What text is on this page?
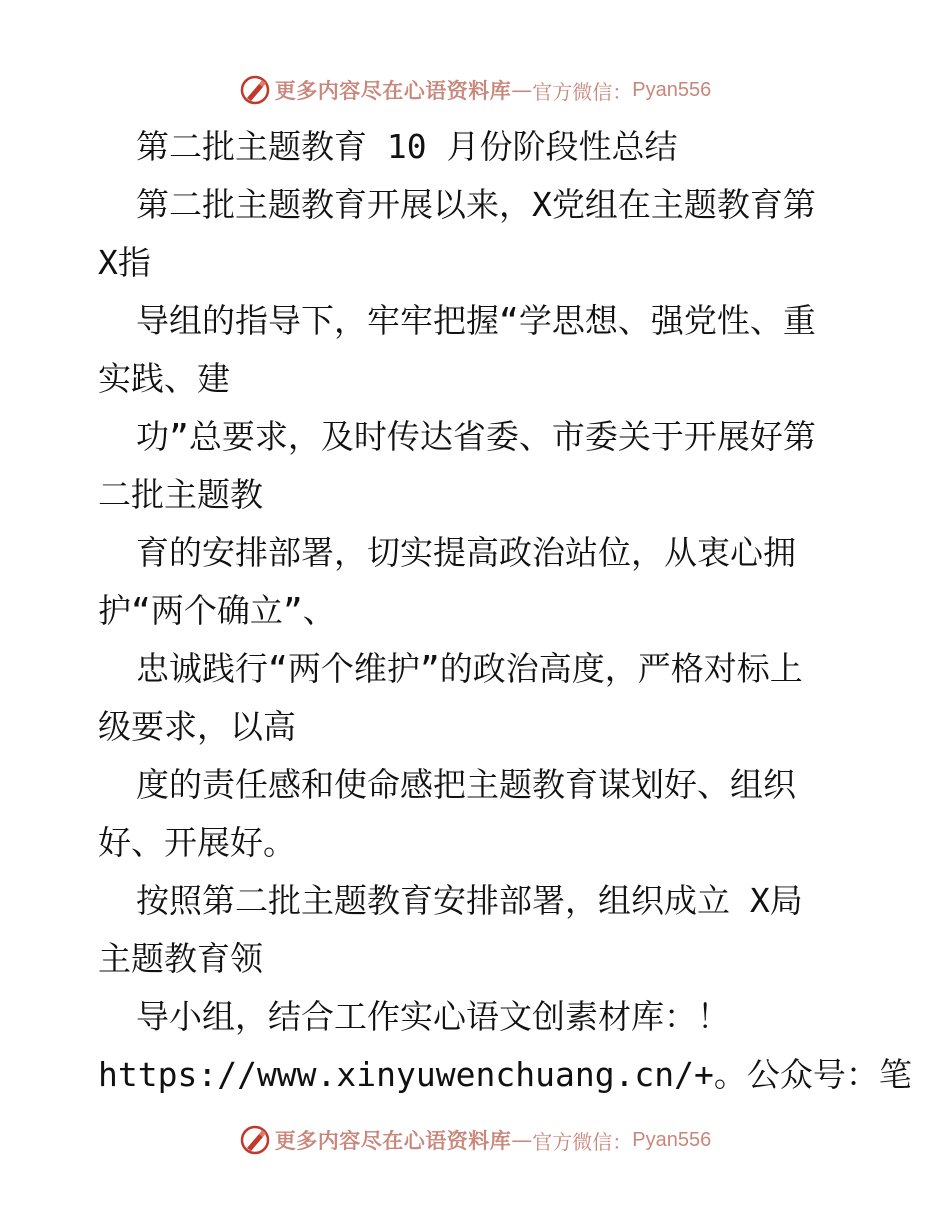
更多内容尽在心语资料库 — 官方微信： Pyan556
第二批主题教育 10 月份阶段性总结
第二批主题教育开展以来，X党组在主题教育第
X指
导组的指导下，牢牢把握“学思想、强党性、重
实践、建
功”总要求，及时传达省委、市委关于开展好第
二批主题教
育的安排部署，切实提高政治站位，从衷心拥
护“两个确立”、
忠诚践行“两个维护”的政治高度，严格对标上
级要求，以高
度的责任感和使命感把主题教育谋划好、组织
好、开展好。
按照第二批主题教育安排部署，组织成立 X局
主题教育领
导小组，结合工作实心语文创素材库：！
https://www.xinyuwenchuang.cn/+。公众号：笔
更多内容尽在心语资料库 — 官方微信： Pyan556
